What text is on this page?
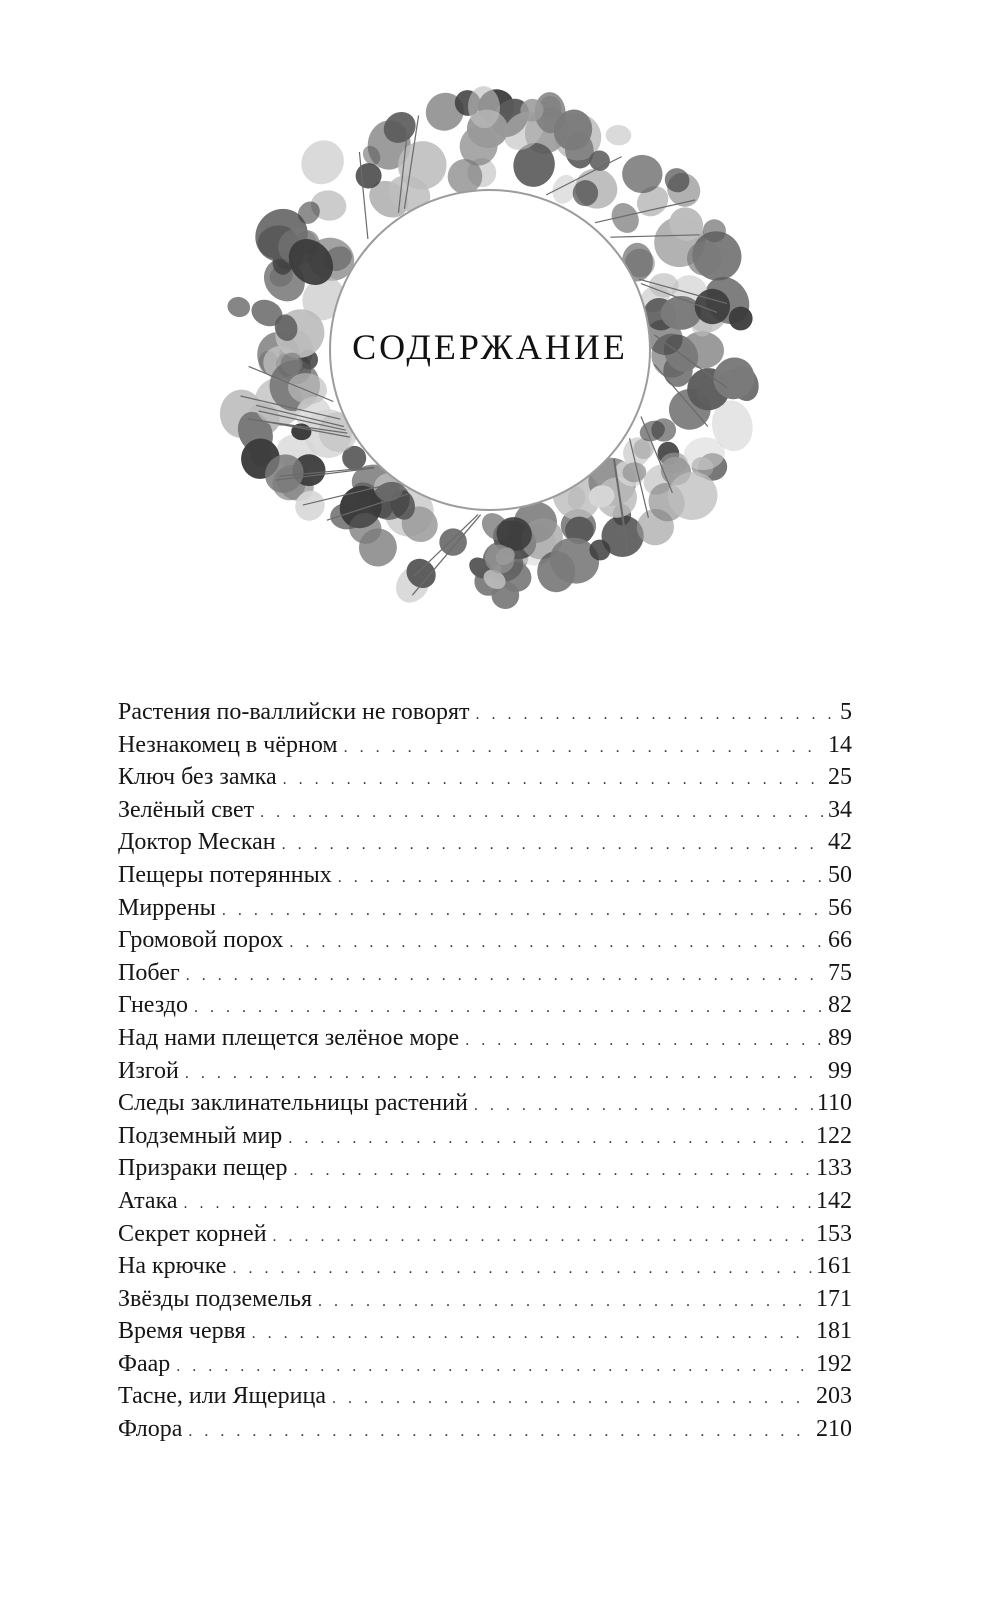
СОДЕРЖАНИЕ
Растения по-валлийски не говорят . . .	5
Незнакомец в чёрном . . .	14
Ключ без замка . . .	25
Зелёный свет . . .	34
Доктор Мескан . . .	42
Пещеры потерянных . . .	50
Миррены . . .	56
Громовой порох . . .	66
Побег . . .	75
Гнездо . . .	82
Над нами плещется зелёное море . . .	89
Изгой . . .	99
Следы заклинательницы растений . . .	110
Подземный мир . . .	122
Призраки пещер . . .	133
Атака . . .	142
Секрет корней . . .	153
На крючке . . .	161
Звёзды подземелья . . .	171
Время червя . . .	181
Фаар . . .	192
Тасне, или Ящерица . . .	203
Флора . . .	210
